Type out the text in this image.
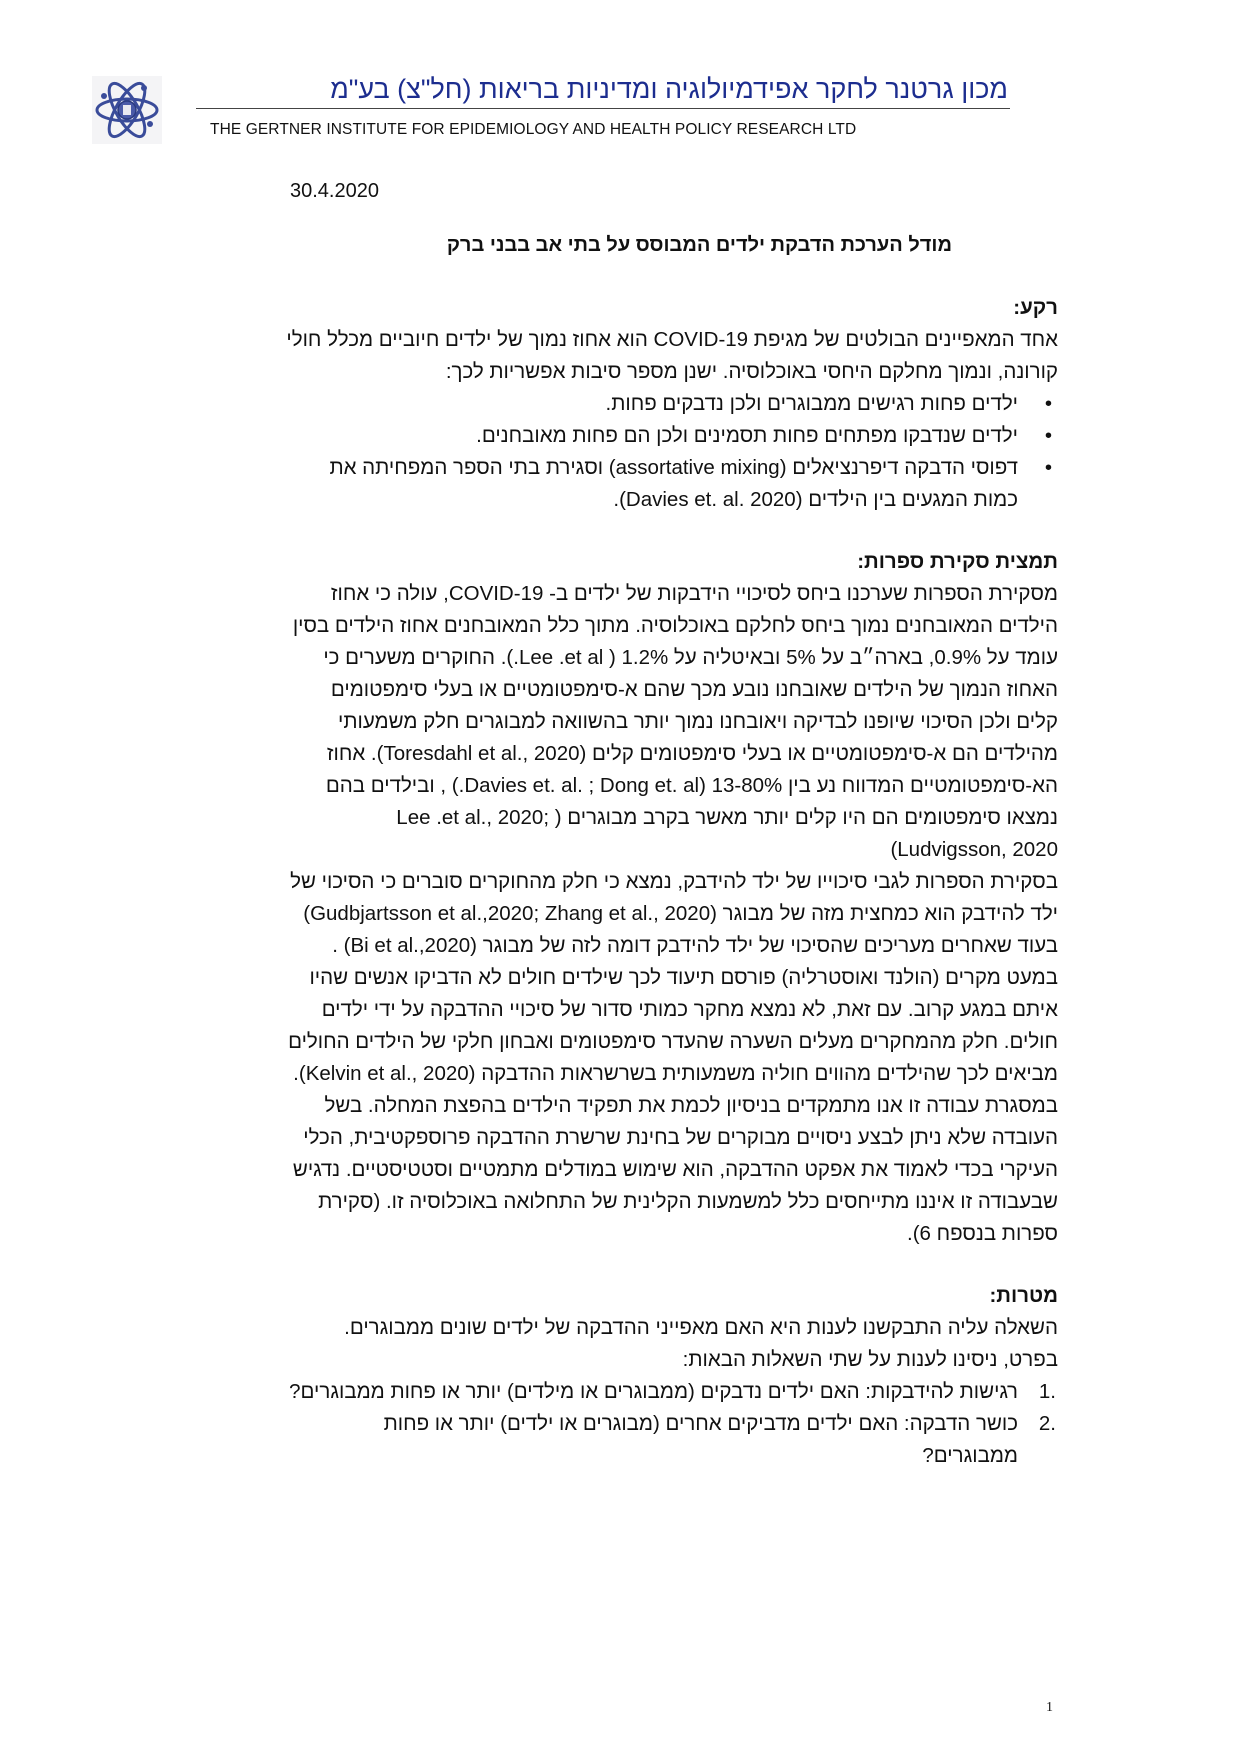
מכון גרטנר לחקר אפידמיולוגיה ומדיניות בריאות (חל"צ) בע"מ
THE GERTNER INSTITUTE FOR EPIDEMIOLOGY AND HEALTH POLICY RESEARCH LTD
30.4.2020
מודל הערכת הדבקת ילדים המבוסס על בתי אב בבני ברק

רקע:

אחד המאפיינים הבולטים של מגיפת COVID-19 הוא אחוז נמוך של ילדים חיוביים מכלל חולי קורונה, ונמוך מחלקם היחסי באוכלוסיה. ישנן מספר סיבות אפשריות לכך:

•
ילדים פחות רגישים ממבוגרים ולכן נדבקים פחות.
•
ילדים שנדבקו מפתחים פחות תסמינים ולכן הם פחות מאובחנים.
•
דפוסי הדבקה דיפרנציאלים (assortative mixing) וסגירת בתי הספר המפחיתה את כמות המגעים בין הילדים (Davies et. al. 2020).

תמצית סקירת ספרות:

מסקירת הספרות שערכנו ביחס לסיכויי הידבקות של ילדים ב- COVID-19, עולה כי אחוז הילדים המאובחנים נמוך ביחס לחלקם באוכלוסיה. מתוך כלל המאובחנים אחוז הילדים בסין עומד על 0.9%, בארה״ב על 5% ובאיטליה על 1.2% ( Lee .et al.). החוקרים משערים כי האחוז הנמוך של הילדים שאובחנו נובע מכך שהם א-סימפטומטיים או בעלי סימפטומים קלים ולכן הסיכוי שיופנו לבדיקה ויאובחנו נמוך יותר בהשוואה למבוגרים חלק משמעותי מהילדים הם א-סימפטומטיים או בעלי סימפטומים קלים (Toresdahl et al., 2020). אחוז הא-סימפטומטיים המדווח נע בין 13-80% (Davies et. al. ; Dong et. al.) , ובילדים בהם נמצאו סימפטומים הם היו קלים יותר מאשר בקרב מבוגרים ( Lee .et al., 2020; Ludvigsson, 2020)

בסקירת הספרות לגבי סיכוייו של ילד להידבק, נמצא כי חלק מהחוקרים סוברים כי הסיכוי של ילד להידבק הוא כמחצית מזה של מבוגר (Gudbjartsson et al.,2020; Zhang et al., 2020) בעוד שאחרים מעריכים שהסיכוי של ילד להידבק דומה לזה של מבוגר (Bi et al.,2020) .

במעט מקרים (הולנד ואוסטרליה) פורסם תיעוד לכך שילדים חולים לא הדביקו אנשים שהיו איתם במגע קרוב. עם זאת, לא נמצא מחקר כמותי סדור של סיכויי ההדבקה על ידי ילדים חולים. חלק מהמחקרים מעלים השערה שהעדר סימפטומים ואבחון חלקי של הילדים החולים מביאים לכך שהילדים מהווים חוליה משמעותית בשרשראות ההדבקה (Kelvin et al., 2020).

במסגרת עבודה זו אנו מתמקדים בניסיון לכמת את תפקיד הילדים בהפצת המחלה. בשל העובדה שלא ניתן לבצע ניסויים מבוקרים של בחינת שרשרת ההדבקה פרוספקטיבית, הכלי העיקרי בכדי לאמוד את אפקט ההדבקה, הוא שימוש במודלים מתמטיים וסטטיסטיים. נדגיש שבעבודה זו איננו מתייחסים כלל למשמעות הקלינית של התחלואה באוכלוסיה זו. (סקירת ספרות בנספח 6).

מטרות:

השאלה עליה התבקשנו לענות היא האם מאפייני ההדבקה של ילדים שונים ממבוגרים. בפרט, ניסינו לענות על שתי השאלות הבאות:

1.
רגישות להידבקות: האם ילדים נדבקים (ממבוגרים או מילדים) יותר או פחות ממבוגרים?
2.
כושר הדבקה: האם ילדים מדביקים אחרים (מבוגרים או ילדים) יותר או פחות ממבוגרים?
1
